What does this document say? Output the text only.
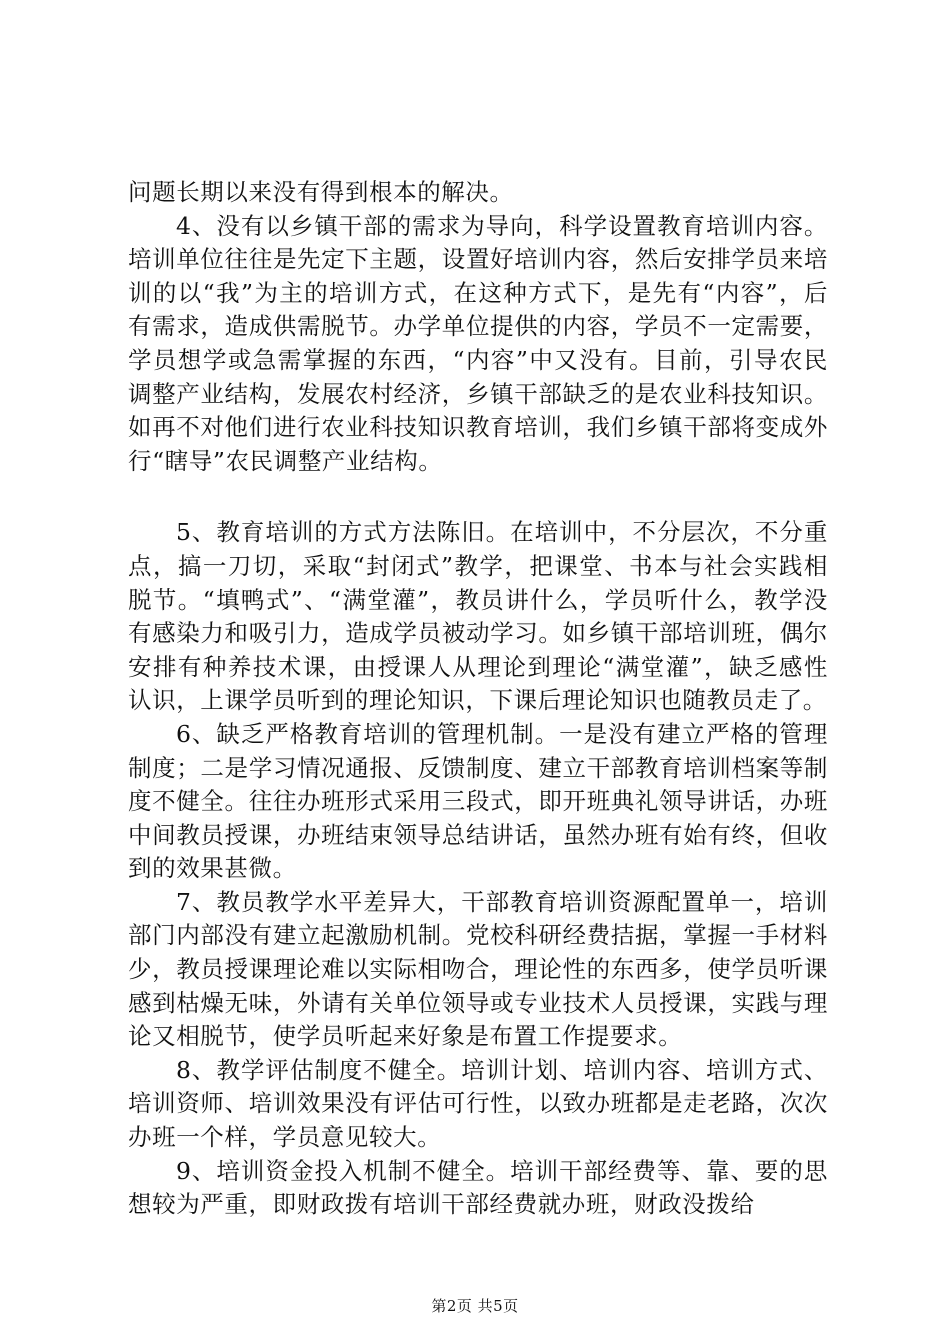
问题长期以来没有得到根本的解决。

4、没有以乡镇干部的需求为导向，科学设置教育培训内容。培训单位往往是先定下主题，设置好培训内容，然后安排学员来培训的以“我”为主的培训方式，在这种方式下，是先有“内容”，后有需求，造成供需脱节。办学单位提供的内容，学员不一定需要，学员想学或急需掌握的东西，“内容”中又没有。目前，引导农民调整产业结构，发展农村经济，乡镇干部缺乏的是农业科技知识。如再不对他们进行农业科技知识教育培训，我们乡镇干部将变成外行“瞎导”农民调整产业结构。

5、教育培训的方式方法陈旧。在培训中，不分层次，不分重点，搞一刀切，采取“封闭式”教学，把课堂、书本与社会实践相脱节。“填鸭式”、“满堂灌”，教员讲什么，学员听什么，教学没有感染力和吸引力，造成学员被动学习。如乡镇干部培训班，偶尔安排有种养技术课，由授课人从理论到理论“满堂灌”，缺乏感性认识，上课学员听到的理论知识，下课后理论知识也随教员走了。

6、缺乏严格教育培训的管理机制。一是没有建立严格的管理制度；二是学习情况通报、反馈制度、建立干部教育培训档案等制度不健全。往往办班形式采用三段式，即开班典礼领导讲话，办班中间教员授课，办班结束领导总结讲话，虽然办班有始有终，但收到的效果甚微。

7、教员教学水平差异大，干部教育培训资源配置单一，培训部门内部没有建立起激励机制。党校科研经费拮据，掌握一手材料少，教员授课理论难以实际相吻合，理论性的东西多，使学员听课感到枯燥无味，外请有关单位领导或专业技术人员授课，实践与理论又相脱节，使学员听起来好象是布置工作提要求。

8、教学评估制度不健全。培训计划、培训内容、培训方式、培训资师、培训效果没有评估可行性，以致办班都是走老路，次次办班一个样，学员意见较大。

9、培训资金投入机制不健全。培训干部经费等、靠、要的思想较为严重，即财政拨有培训干部经费就办班，财政没拨给

第2页 共5页
